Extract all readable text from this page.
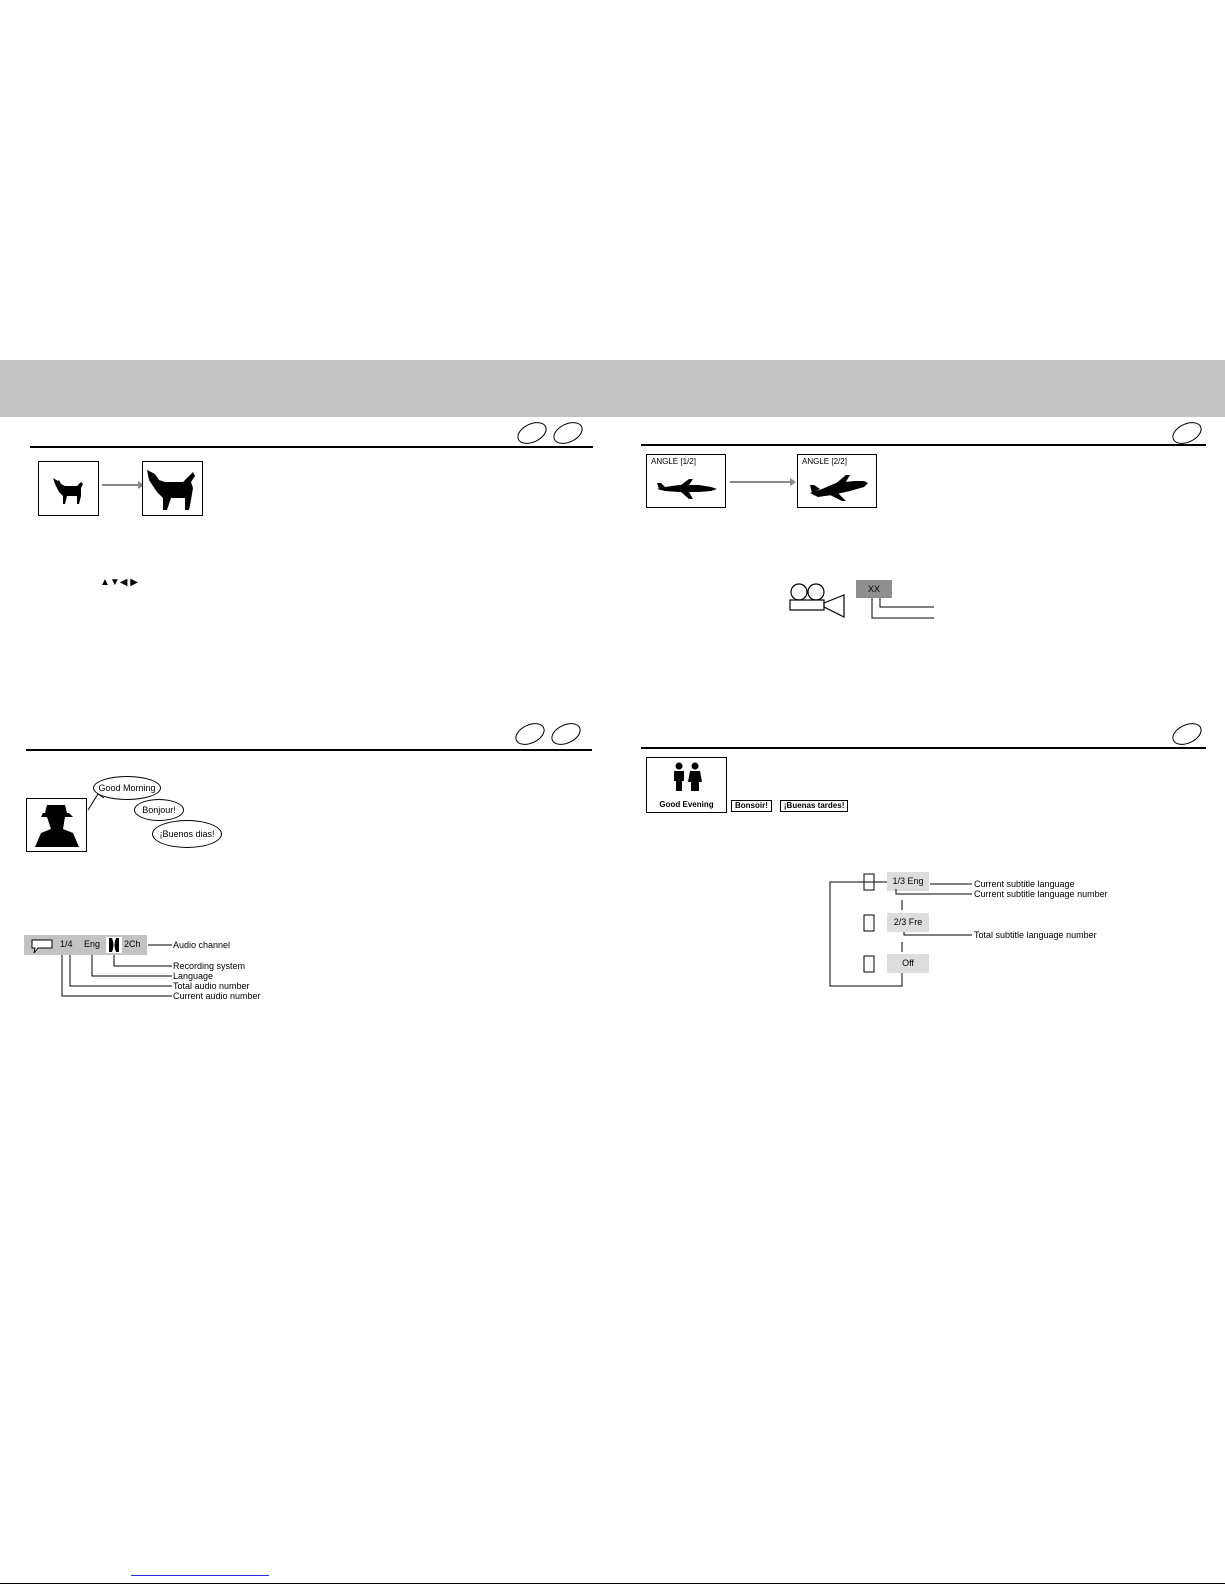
▲▼◀ ▶
ANGLE [1/2]	ANGLE [2/2]
XX
Good Morning
Bonjour!
¡Buenos dias!
1/4 Eng	2Ch	Audio channel
Recording system
Language
Total audio number
Current audio number
Good Evening	Bonsoir!	¡Buenas tardes!
1/3 Eng
2/3 Fre
Off
Current subtitle language
Current subtitle language number
Total subtitle language number
